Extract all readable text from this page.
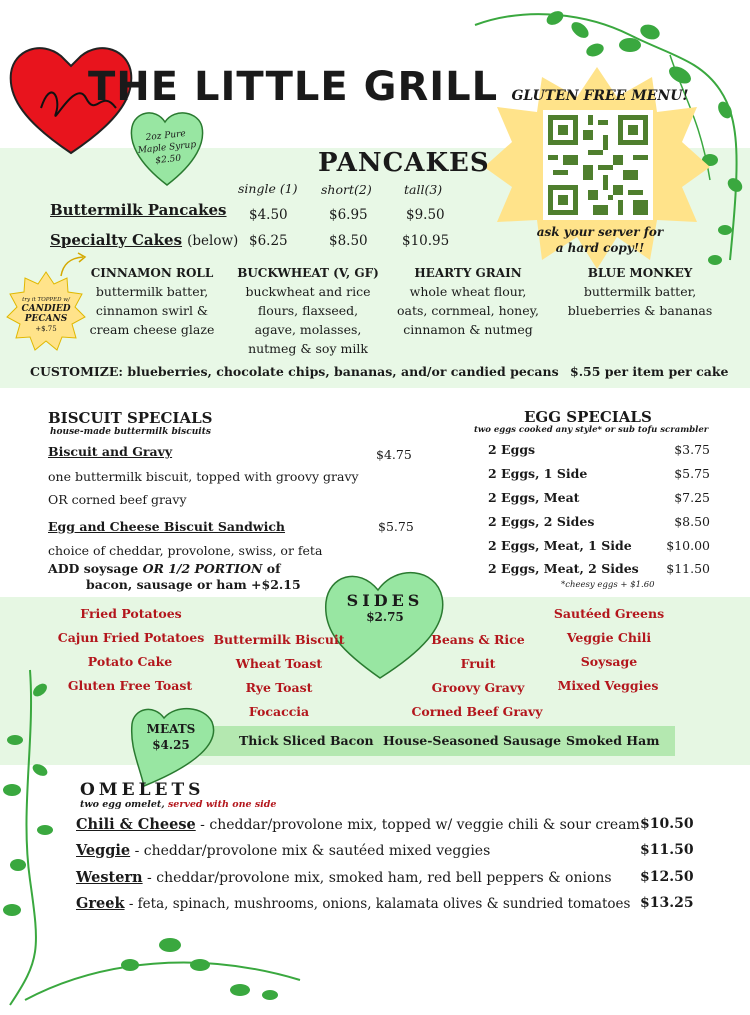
THE LITTLE GRILL
2oz Pure
Maple Syrup
$2.50
GLUTEN FREE MENU!
ask your server for
a hard copy!!
PANCAKES
single (1) short(2)	tall(3)
Buttermilk Pancakes $4.50	$6.95	$9.50
Specialty Cakes (below) $6.25	$8.50	$10.95
try it TOPPED w/
CANDIED
PECANS
+$.75
CINNAMON ROLL
buttermilk batter,
cinnamon swirl &
cream cheese glaze
BUCKWHEAT (V, GF)
buckwheat and rice
flours, flaxseed,
agave, molasses,
nutmeg & soy milk
HEARTY GRAIN
whole wheat flour,
oats, cornmeal, honey,
cinnamon & nutmeg
BLUE MONKEY
buttermilk batter,
blueberries & bananas
CUSTOMIZE: blueberries, chocolate chips, bananas, and/or candied pecans $.55 per item per cake
BISCUIT SPECIALS
house-made buttermilk biscuits
Biscuit and Gravy	$4.75
one buttermilk biscuit, topped with groovy gravy
OR corned beef gravy
Egg and Cheese Biscuit Sandwich	$5.75
choice of cheddar, provolone, swiss, or feta
ADD soysage OR 1/2 PORTION of
bacon, sausage or ham +$2.15
EGG SPECIALS
two eggs cooked any style* or sub tofu scrambler
2 Eggs	$3.75
2 Eggs, 1 Side	$5.75
2 Eggs, Meat	$7.25
2 Eggs, 2 Sides	$8.50
2 Eggs, Meat, 1 Side	$10.00
2 Eggs, Meat, 2 Sides $11.50
*cheesy eggs + $1.60
SIDES
$2.75
Fried Potatoes
Cajun Fried Potatoes
Potato Cake
Gluten Free Toast
Buttermilk Biscuit
Wheat Toast
Rye Toast
Focaccia
Beans & Rice
Fruit
Groovy Gravy
Corned Beef Gravy
Sautéed Greens
Veggie Chili
Soysage
Mixed Veggies
MEATS
$4.25	Thick Sliced Bacon House-Seasoned Sausage Smoked Ham
OMELETS
two egg omelet, served with one side
Chili & Cheese - cheddar/provolone mix, topped w/ veggie chili & sour cream $10.50
Veggie - cheddar/provolone mix & sautéed mixed veggies	$11.50
Western - cheddar/provolone mix, smoked ham, red bell peppers & onions $12.50
Greek - feta, spinach, mushrooms, onions, kalamata olives & sundried tomatoes $13.25
